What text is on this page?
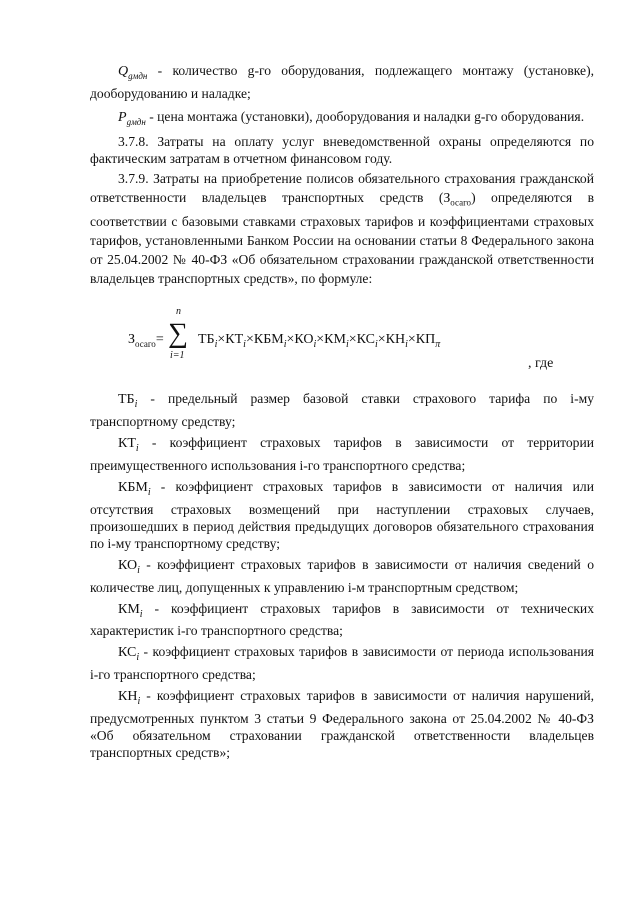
$Q_{gмдн}$ - количество g-го оборудования, подлежащего монтажу (установке), дооборудованию и наладке;

$P_{gмдн}$ - цена монтажа (установки), дооборудования и наладки g-го оборудования.

3.7.8. Затраты на оплату услуг вневедомственной охраны определяются по фактическим затратам в отчетном финансовом году.

3.7.9. Затраты на приобретение полисов обязательного страхования гражданской ответственности владельцев транспортных средств $(З_{осаго})$ определяются в соответствии с базовыми ставками страховых тарифов и коэффициентами страховых тарифов, установленными Банком России на основании статьи 8 Федерального закона от 25.04.2002 № 40-ФЗ «Об обязательном страховании гражданской ответственности владельцев транспортных средств», по формуле:

$З_{осаго}=$
n
∑
i=1
$ТБ_i\times КТ_i\times КБМ_i\times КО_i\times КМ_i\times КС_i\times КН_i\times КП_\pi$
, где

$ТБ_i$ - предельный размер базовой ставки страхового тарифа по i-му транспортному средству;

$КТ_i$ - коэффициент страховых тарифов в зависимости от территории преимущественного использования i-го транспортного средства;

$КБМ_i$ - коэффициент страховых тарифов в зависимости от наличия или отсутствия страховых возмещений при наступлении страховых случаев, произошедших в период действия предыдущих договоров обязательного страхования по i-му транспортному средству;

$КО_i$ - коэффициент страховых тарифов в зависимости от наличия сведений о количестве лиц, допущенных к управлению i-м транспортным средством;

$КМ_i$ - коэффициент страховых тарифов в зависимости от технических характеристик i-го транспортного средства;

$КС_i$ - коэффициент страховых тарифов в зависимости от периода использования i-го транспортного средства;

$КН_i$ - коэффициент страховых тарифов в зависимости от наличия нарушений, предусмотренных пунктом 3 статьи 9 Федерального закона от 25.04.2002 № 40-ФЗ «Об обязательном страховании гражданской ответственности владельцев транспортных средств»;
